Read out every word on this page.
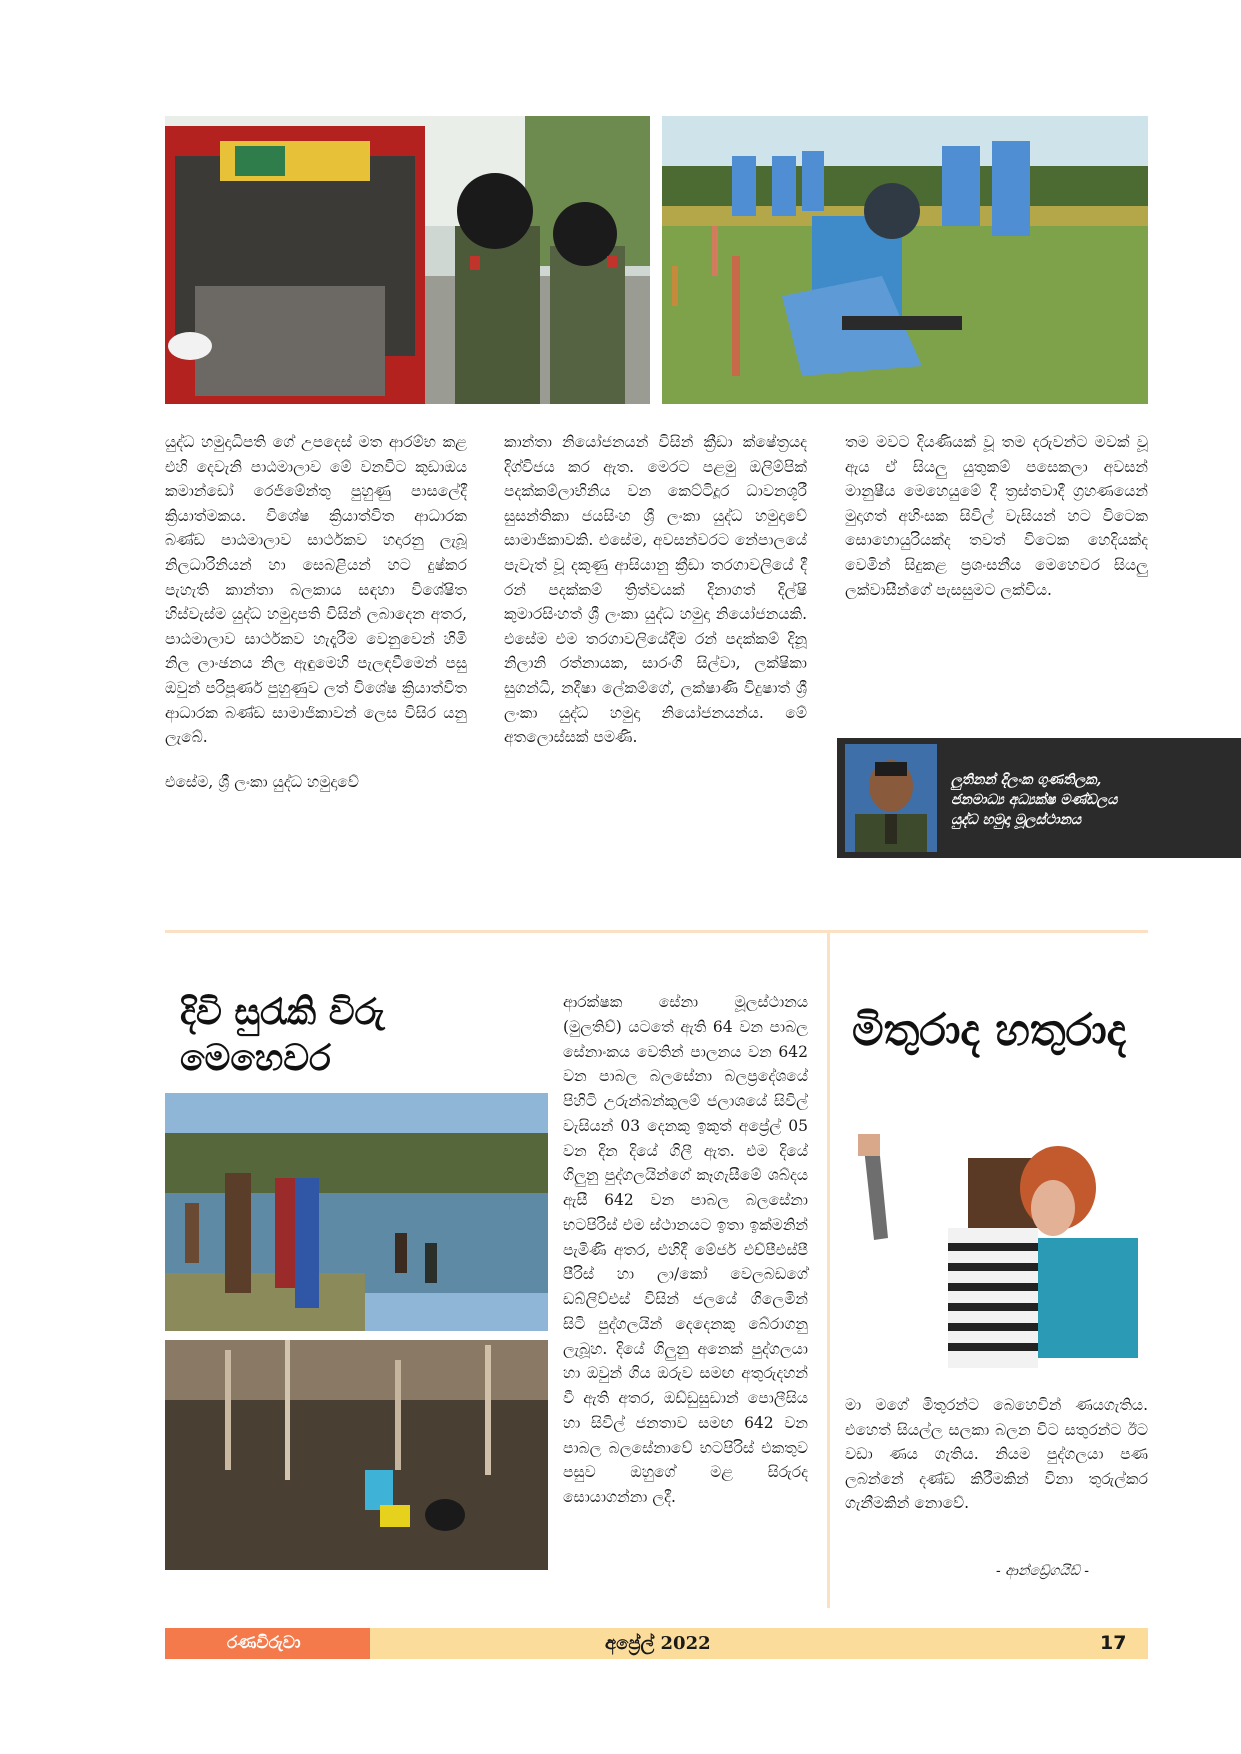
යුද්ධ හමුදාධිපති ගේ උපදෙස් මත ආරම්භ කළ එහි දෙවැනි පාඨමාලාව මේ වනවිට කුඩාඔය කමාන්ඩෝ රෙජිමේන්තු පුහුණු පාසලේදී ක්‍රියාත්මකය. විශේෂ ක්‍රියාත්විත ආධාරක බණ්ඩ පාඨමාලාව සාර්ථකව හදාරනු ලැබූ නිලධාරිනියන් හා සෙබළියන් හට දුෂ්කර පැහැති කාන්තා බලකාය සඳහා විශේෂිත හිස්වැස්ම යුද්ධ හමුදාපති විසින් ලබාදෙන අතර, පාඨමාලාව සාර්ථකව හැදෑරීම වෙනුවෙන් හිමි නිල ලාංඡනය නිල ඇඳුමෙහි පැලඳවීමෙන් පසු ඔවුන් පරිපූර්ණ පුහුණුව ලත් විශේෂ ක්‍රියාත්විත ආධාරක බණ්ඩ සාමාජිකාවන් ලෙස විසිර යනු ලැබේ.

එසේම, ශ්‍රී ලංකා යුද්ධ හමුදාවේ

කාන්තා නියෝජනයන් විසින් ක්‍රීඩා ක්ෂේත්‍රයද දිග්විජය කර ඇත. මෙරට පළමු ඔලිම්පික් පදක්කම්ලාභිනිය වන කෙට්ටිදූර ධාවනශූරී සුසන්තිකා ජයසිංහ ශ්‍රී ලංකා යුද්ධ හමුදාවේ සාමාජිකාවකි. එසේම, අවසන්වරට නේපාලයේ පැවැත් වූ දකුණු ආසියානු ක්‍රීඩා තරගාවලියේ දී රන් පදක්කම් ත්‍රිත්වයක් දිනාගත් දිල්ෂි කුමාරසිංහත් ශ්‍රී ලංකා යුද්ධ හමුදා නියෝජනයකි. එසේම එම තරගාවලියේදීම රන් පදක්කම් දිනූ නිලානි රත්නායක, සාරංගි සිල්වා, ලක්ෂිකා සුගන්ධි, නදීෂා ලේකම්ගේ, ලක්ෂාණි විදුෂාත් ශ්‍රී ලංකා යුද්ධ හමුදා නියෝජනයන්ය. මේ අතලොස්සක් පමණි.

තම මවට දියණියක් වූ තම දරුවන්ට මවක් වූ ඇය ඒ සියලු යුතුකම් පසෙකලා අවසන් මානුෂීය මෙහෙයුමේ දී ත්‍රස්තවාදී ග්‍රහණයෙන් මුදාගත් අහිංසක සිවිල් වැසියන් හට විටෙක සොහොයුරියක්ද තවත් විටෙක හෙදියක්ද වෙමින් සිදුකළ ප්‍රශංසනීය මෙහෙවර සියලු ලක්වාසීන්ගේ පැසසුමට ලක්විය.

ලුතිනන් දිලංක ගුණතිලක,
ජනමාධ්‍ය අධ්‍යක්ෂ මණ්ඩලය
යුද්ධ හමුදා මූලස්ථානය
දිවි සුරැකි විරු මෙහෙවර

ආරක්ෂක සේනා මූලස්ථානය (මුලතිව්) යටතේ ඇති 64 වන පාබල සේනාංකය වෙතින් පාලනය වන 642 වන පාබල බලසේනා බලප්‍රදේශයේ පිහිටි උරුන්බන්කුලම් ජලාශයේ සිවිල් වැසියන් 03 දෙනකු ඉකුත් අප්‍රේල් 05 වන දින දියේ ගිලී ඇත. එම දියේ ගිලුනු පුද්ගලයින්ගේ කෑගැසීමේ ශබ්දය ඇසී 642 වන පාබල බලසේනා භටපිරිස් එම ස්ථානයට ඉතා ඉක්මනින් පැමිණි අතර, එහිදී මේජර් එච්පීඑස්පී පීරිස් හා ලා/කෝ වෙලබඩගේ ඩබ්ලිව්එස් විසින් ජලයේ ගිලෙමින් සිටි පුද්ගලයින් දෙදෙනකු බේරාගනු ලැබූහ. දියේ ගිලුනු අනෙක් පුද්ගලයා හා ඔවුන් ගිය ඔරුව සමඟ අතුරුදහන් වී ඇති අතර, ඔඩ්ඩුසුඩාන් පොලීසිය හා සිවිල් ජනතාව සමඟ 642 වන පාබල බලසේනාවේ භටපිරිස් එකතුව පසුව ඔහුගේ මළ සිරුරද සොයාගන්නා ලදී.

මිතුරාද හතුරාද

මා මගේ මිතුරන්ට බෙහෙවින් ණයගැතිය. එහෙත් සියල්ල සලකා බලන විට සතුරන්ට ඊට වඩා ණය ගැතිය. නියම පුද්ගලයා පණ ලබන්නේ දණ්ඩ කිරීමකින් විනා තුරුල්කර ගැනීමකින් නොවේ.

- ආන්ඩ්‍රේගයිඩ් -
රණවිරුවා	අප්‍රේල් 2022	17
